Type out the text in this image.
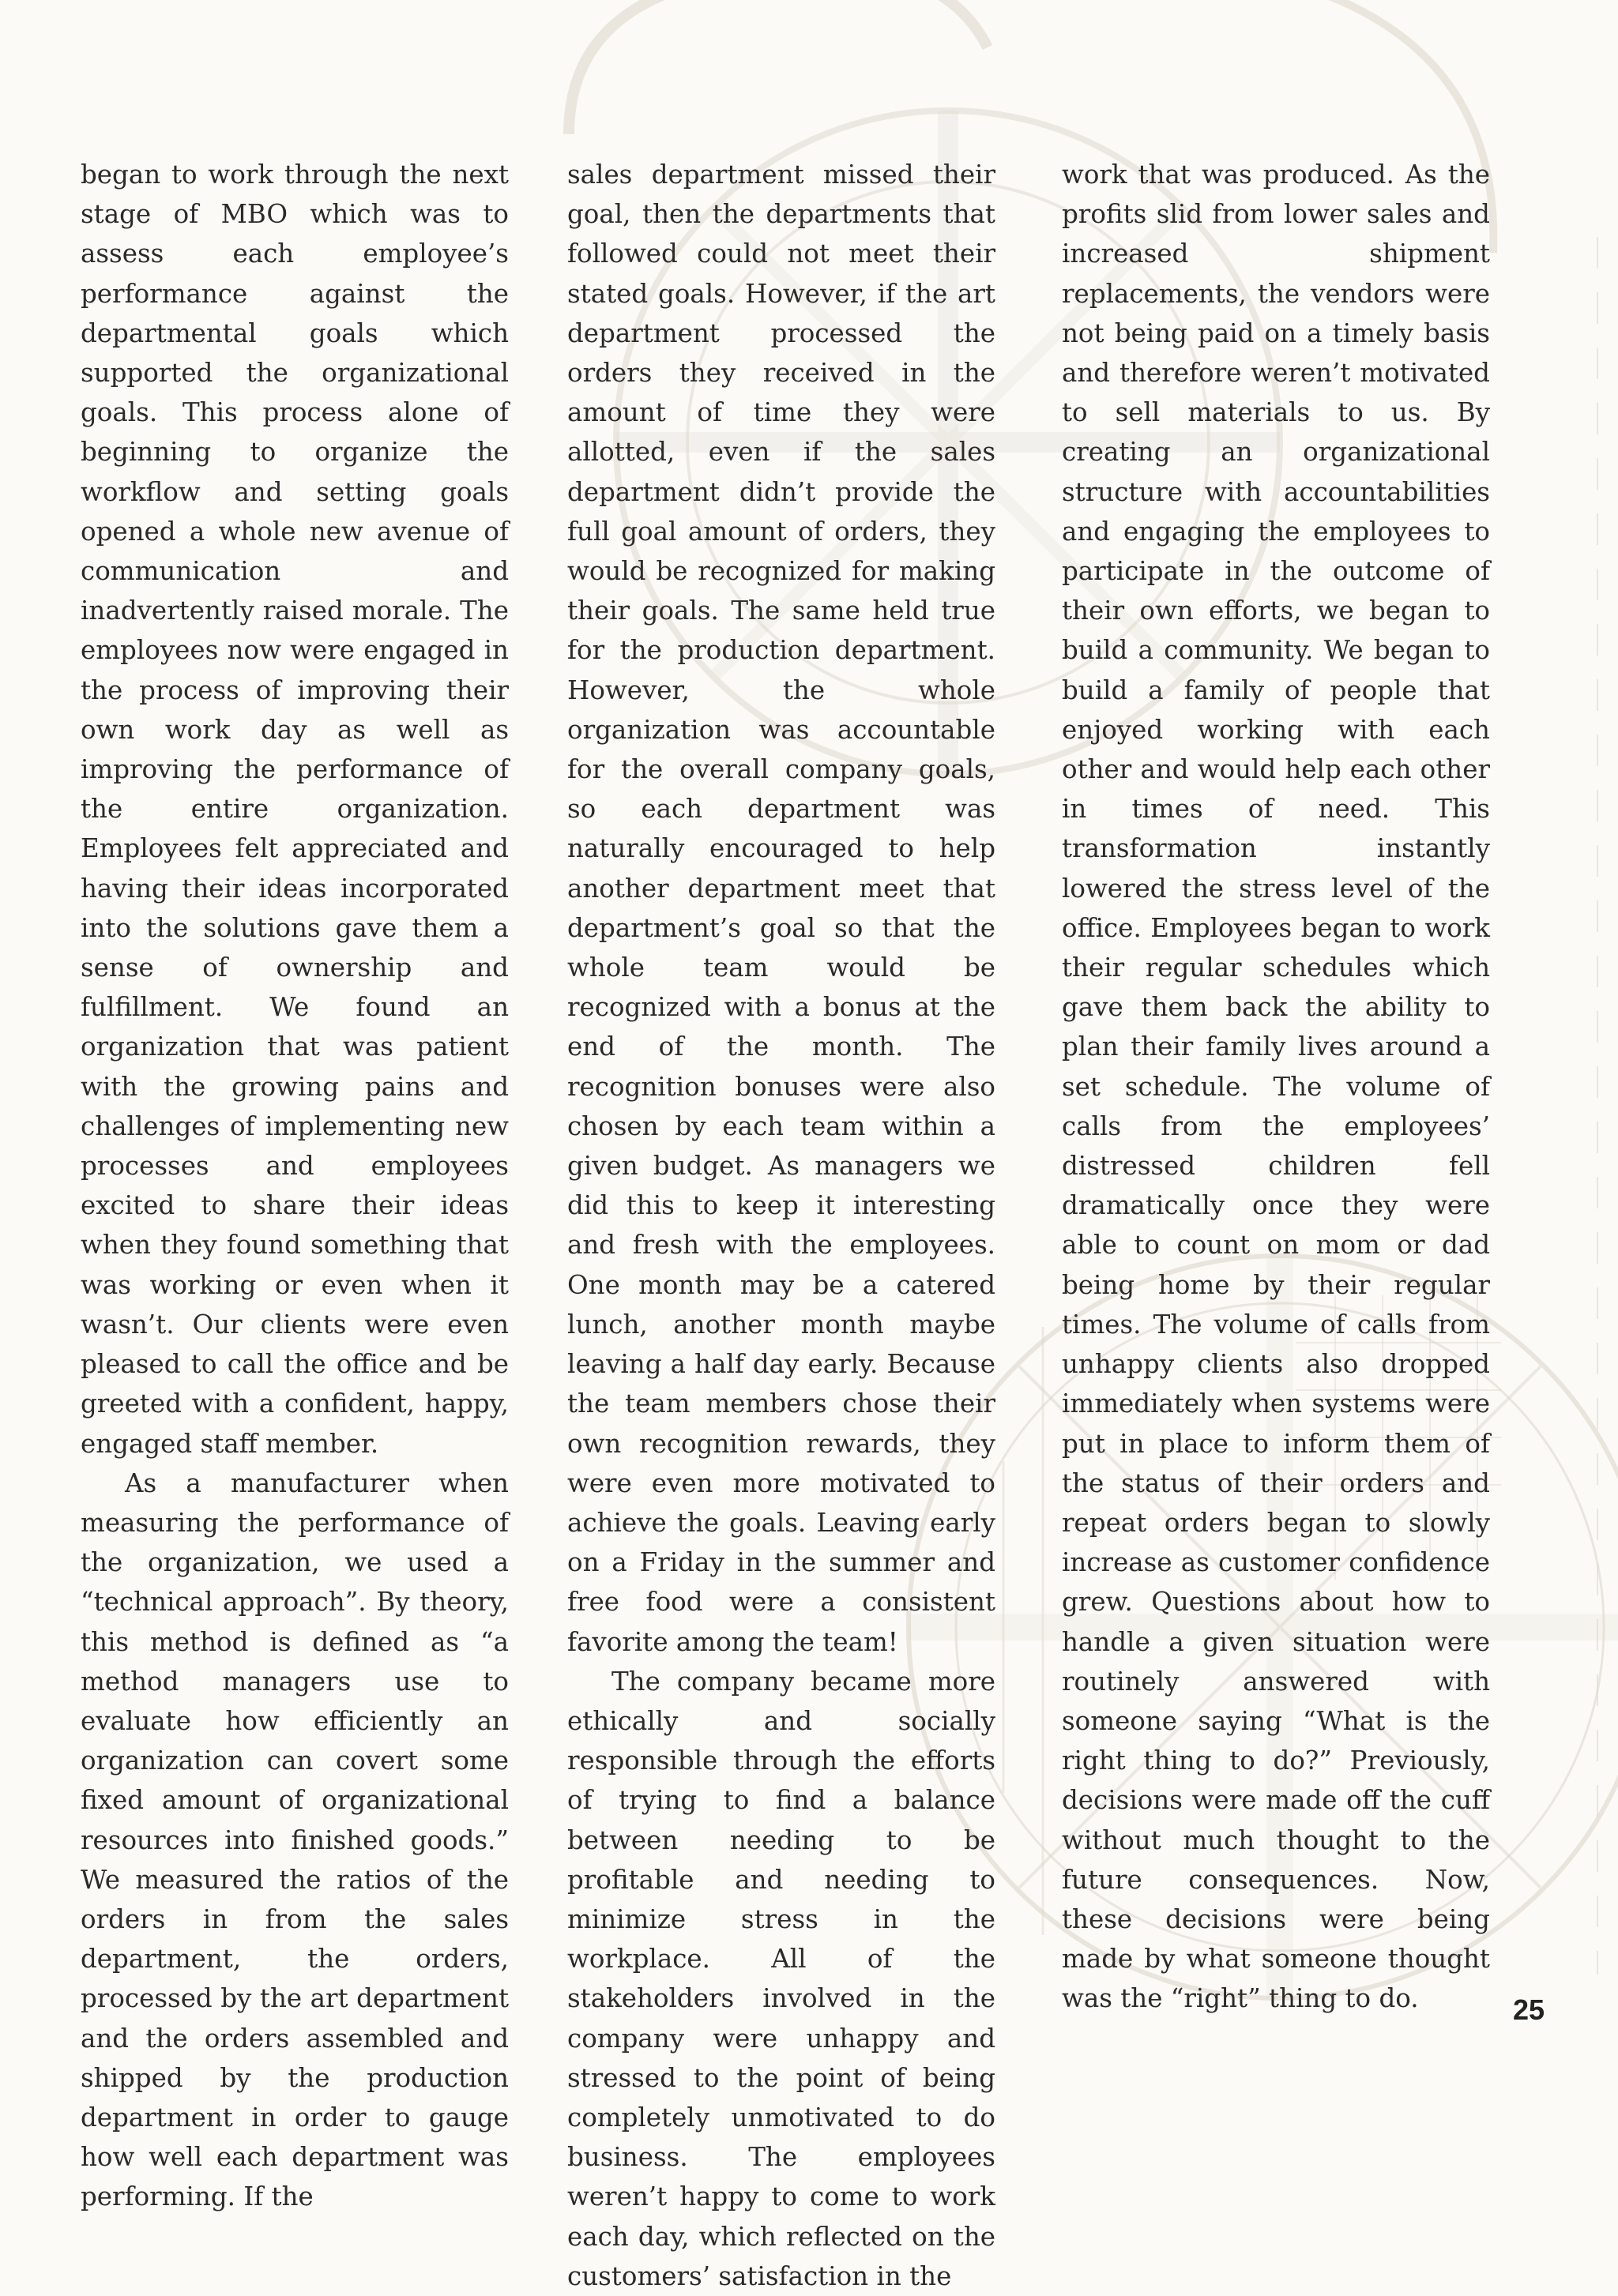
began to work through the next stage of MBO which was to assess each employee’s performance against the departmental goals which supported the organizational goals. This process alone of beginning to organize the workflow and setting goals opened a whole new avenue of communication and inadvertently raised morale. The employees now were engaged in the process of improving their own work day as well as improving the performance of the entire organization. Employees felt appreciated and having their ideas incorporated into the solutions gave them a sense of ownership and fulfillment. We found an organization that was patient with the growing pains and challenges of implementing new processes and employees excited to share their ideas when they found something that was working or even when it wasn’t. Our clients were even pleased to call the office and be greeted with a confident, happy, engaged staff member.

As a manufacturer when measuring the performance of the organization, we used a “technical approach”. By theory, this method is defined as “a method managers use to evaluate how efficiently an organization can covert some fixed amount of organizational resources into finished goods.” We measured the ratios of the orders in from the sales department, the orders, processed by the art department and the orders assembled and shipped by the production department in order to gauge how well each department was performing. If the

sales department missed their goal, then the departments that followed could not meet their stated goals. However, if the art department processed the orders they received in the amount of time they were allotted, even if the sales department didn’t provide the full goal amount of orders, they would be recognized for making their goals. The same held true for the production department. However, the whole organization was accountable for the overall company goals, so each department was naturally encouraged to help another department meet that department’s goal so that the whole team would be recognized with a bonus at the end of the month. The recognition bonuses were also chosen by each team within a given budget. As managers we did this to keep it interesting and fresh with the employees. One month may be a catered lunch, another month maybe leaving a half day early. Because the team members chose their own recognition rewards, they were even more motivated to achieve the goals. Leaving early on a Friday in the summer and free food were a consistent favorite among the team!

The company became more ethically and socially responsible through the efforts of trying to find a balance between needing to be profitable and needing to minimize stress in the workplace. All of the stakeholders involved in the company were unhappy and stressed to the point of being completely unmotivated to do business. The employees weren’t happy to come to work each day, which reflected on the customers’ satisfaction in the

work that was produced. As the profits slid from lower sales and increased shipment replacements, the vendors were not being paid on a timely basis and therefore weren’t motivated to sell materials to us. By creating an organizational structure with accountabilities and engaging the employees to participate in the outcome of their own efforts, we began to build a community. We began to build a family of people that enjoyed working with each other and would help each other in times of need. This transformation instantly lowered the stress level of the office. Employees began to work their regular schedules which gave them back the ability to plan their family lives around a set schedule. The volume of calls from the employees’ distressed children fell dramatically once they were able to count on mom or dad being home by their regular times. The volume of calls from unhappy clients also dropped immediately when systems were put in place to inform them of the status of their orders and repeat orders began to slowly increase as customer confidence grew. Questions about how to handle a given situation were routinely answered with someone saying “What is the right thing to do?” Previously, decisions were made off the cuff without much thought to the future consequences. Now, these decisions were being made by what someone thought was the “right” thing to do.	25
